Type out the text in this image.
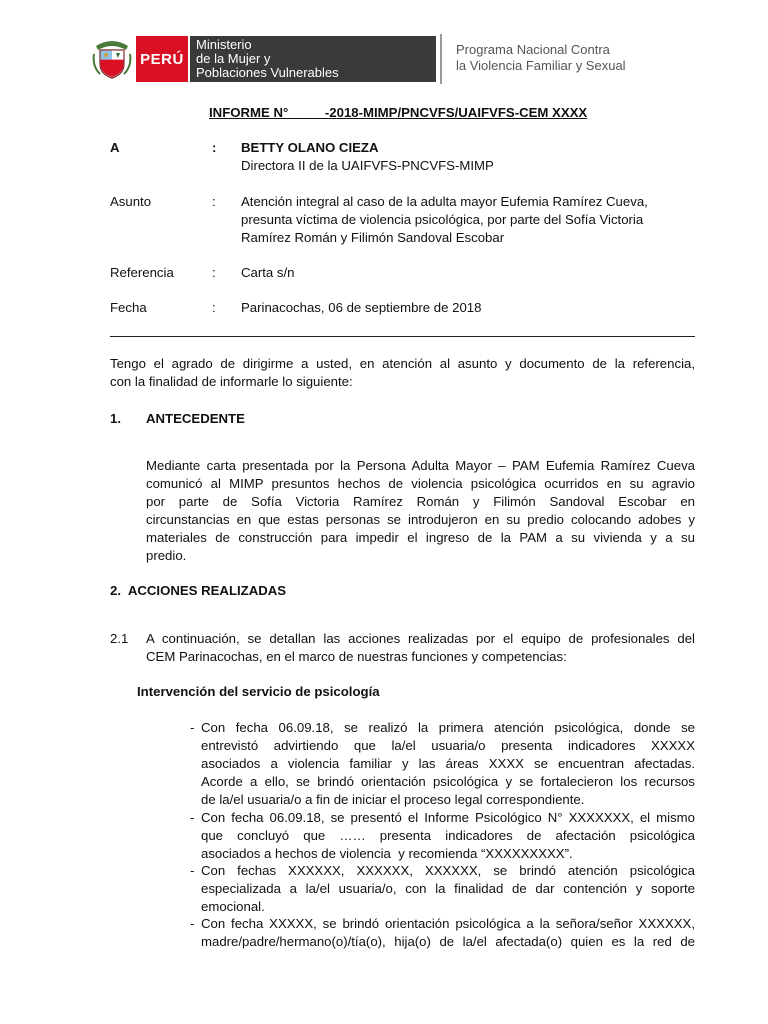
PERÚ
Ministerio
de la Mujer y
Poblaciones Vulnerables
Programa Nacional Contra
la Violencia Familiar y Sexual
INFORME N°          -2018-MIMP/PNCVFS/UAIFVFS-CEM XXXX
A	: BETTY OLANO CIEZA
Directora II de la UAIFVFS-PNCVFS-MIMP
Asunto	: Atención integral al caso de la adulta mayor Eufemia Ramírez Cueva,
presunta víctima de violencia psicológica, por parte del Sofía Victoria
Ramírez Román y Filimón Sandoval Escobar
Referencia	: Carta s/n
Fecha	: Parinacochas, 06 de septiembre de 2018
Tengo el agrado de dirigirme a usted, en atención al asunto y documento de la referencia,
con la finalidad de informarle lo siguiente:
1. ANTECEDENTE
Mediante carta presentada por la Persona Adulta Mayor – PAM Eufemia Ramírez Cueva
comunicó al MIMP presuntos hechos de violencia psicológica ocurridos en su agravio
por parte de Sofía Victoria Ramírez Román y Filimón Sandoval Escobar en
circunstancias en que estas personas se introdujeron en su predio colocando adobes y
materiales de construcción para impedir el ingreso de la PAM a su vivienda y a su
predio.
2.  ACCIONES REALIZADAS
2.1 A continuación, se detallan las acciones realizadas por el equipo de profesionales del
CEM Parinacochas, en el marco de nuestras funciones y competencias:
Intervención del servicio de psicología
- Con fecha 06.09.18, se realizó la primera atención psicológica, donde se
entrevistó advirtiendo que la/el usuaria/o presenta indicadores XXXXX
asociados a violencia familiar y las áreas XXXX se encuentran afectadas.
Acorde a ello, se brindó orientación psicológica y se fortalecieron los recursos
de la/el usuaria/o a fin de iniciar el proceso legal correspondiente.
- Con fecha 06.09.18, se presentó el Informe Psicológico N° XXXXXXX, el mismo
que concluyó que …… presenta indicadores de afectación psicológica
asociados a hechos de violencia  y recomienda “XXXXXXXXX”.
- Con fechas XXXXXX, XXXXXX, XXXXXX, se brindó atención psicológica
especializada a la/el usuaria/o, con la finalidad de dar contención y soporte
emocional.
- Con fecha XXXXX, se brindó orientación psicológica a la señora/señor XXXXXX,
madre/padre/hermano(o)/tía(o), hija(o) de la/el afectada(o) quien es la red de
